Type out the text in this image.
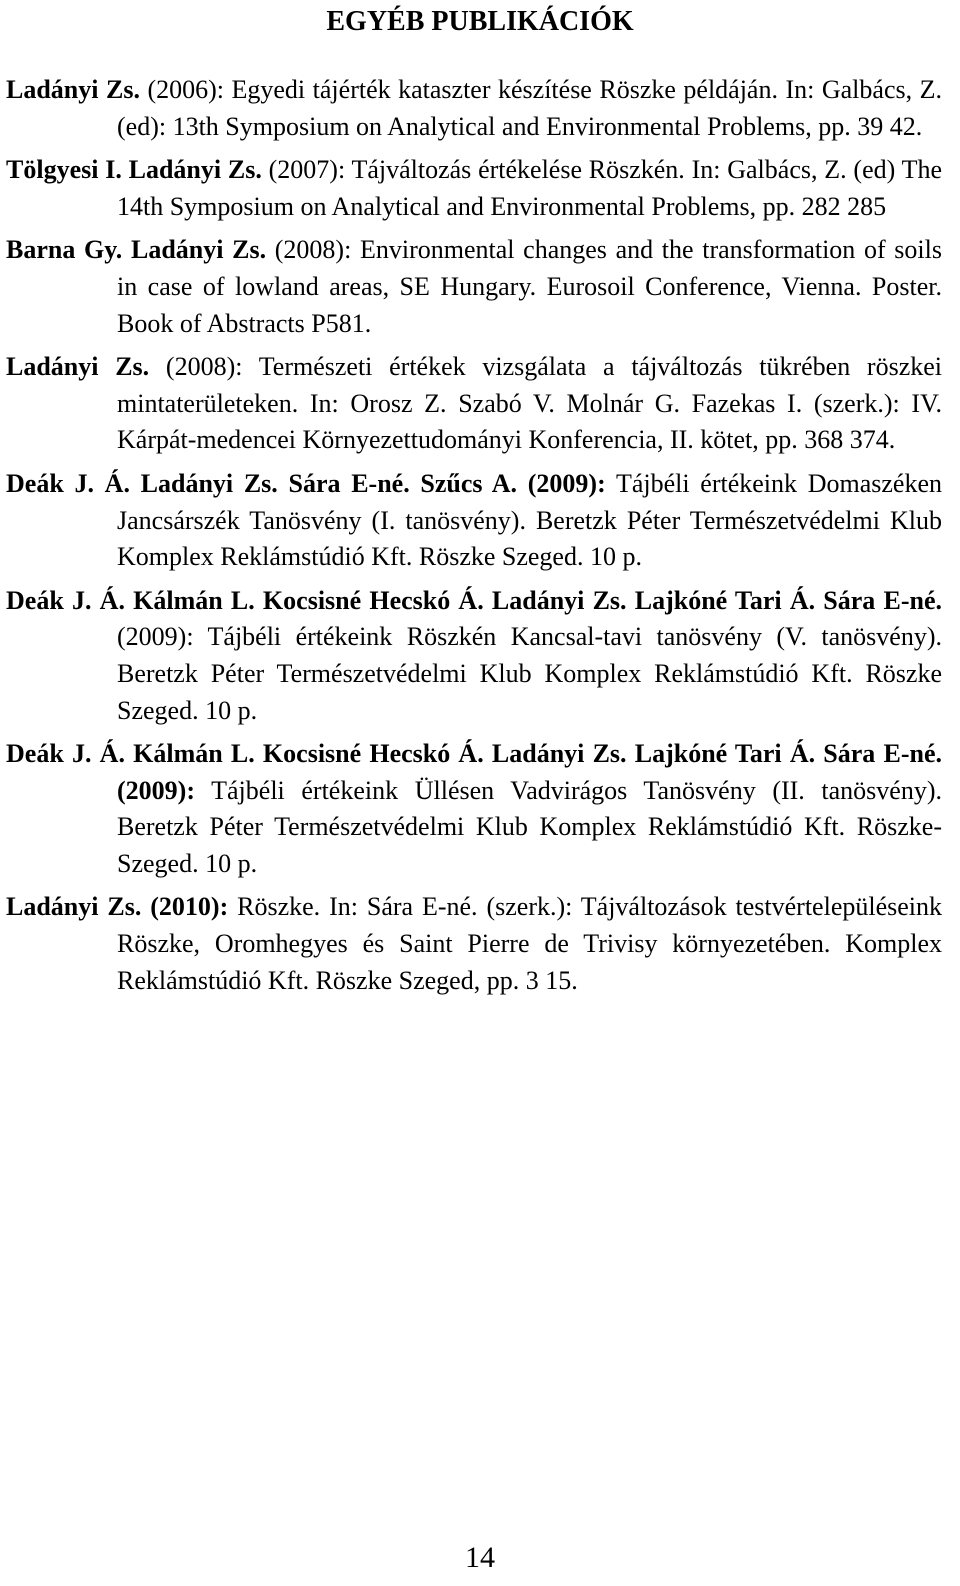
EGYÉB PUBLIKÁCIÓK

Ladányi Zs. (2006): Egyedi tájérték kataszter készítése Röszke példáján. In: Galbács, Z. (ed): 13th Symposium on Analytical and Environmental Problems, pp. 39 42.

Tölgyesi I. Ladányi Zs. (2007): Tájváltozás értékelése Röszkén. In: Galbács, Z. (ed) The 14th Symposium on Analytical and Environmental Problems, pp. 282 285

Barna Gy. Ladányi Zs. (2008): Environmental changes and the transformation of soils in case of lowland areas, SE Hungary. Eurosoil Conference, Vienna. Poster. Book of Abstracts P581.

Ladányi Zs. (2008): Természeti értékek vizsgálata a tájváltozás tükrében röszkei mintaterületeken. In: Orosz Z. Szabó V. Molnár G. Fazekas I. (szerk.): IV. Kárpát-medencei Környezettudományi Konferencia, II. kötet, pp. 368 374.

Deák J. Á. Ladányi Zs. Sára E-né. Szűcs A. (2009): Tájbéli értékeink Domaszéken Jancsárszék Tanösvény (I. tanösvény). Beretzk Péter Természetvédelmi Klub Komplex Reklámstúdió Kft. Röszke Szeged. 10 p.

Deák J. Á. Kálmán L. Kocsisné Hecskó Á. Ladányi Zs. Lajkóné Tari Á. Sára E-né. (2009): Tájbéli értékeink Röszkén Kancsal-tavi tanösvény (V. tanösvény). Beretzk Péter Természetvédelmi Klub Komplex Reklámstúdió Kft. Röszke Szeged. 10 p.

Deák J. Á. Kálmán L. Kocsisné Hecskó Á. Ladányi Zs. Lajkóné Tari Á. Sára E-né. (2009): Tájbéli értékeink Üllésen Vadvirágos Tanösvény (II. tanösvény). Beretzk Péter Természetvédelmi Klub Komplex Reklámstúdió Kft. Röszke- Szeged. 10 p.

Ladányi Zs. (2010): Röszke. In: Sára E-né. (szerk.): Tájváltozások testvértelepüléseink Röszke, Oromhegyes és Saint Pierre de Trivisy környezetében. Komplex Reklámstúdió Kft. Röszke Szeged, pp. 3 15.

14
